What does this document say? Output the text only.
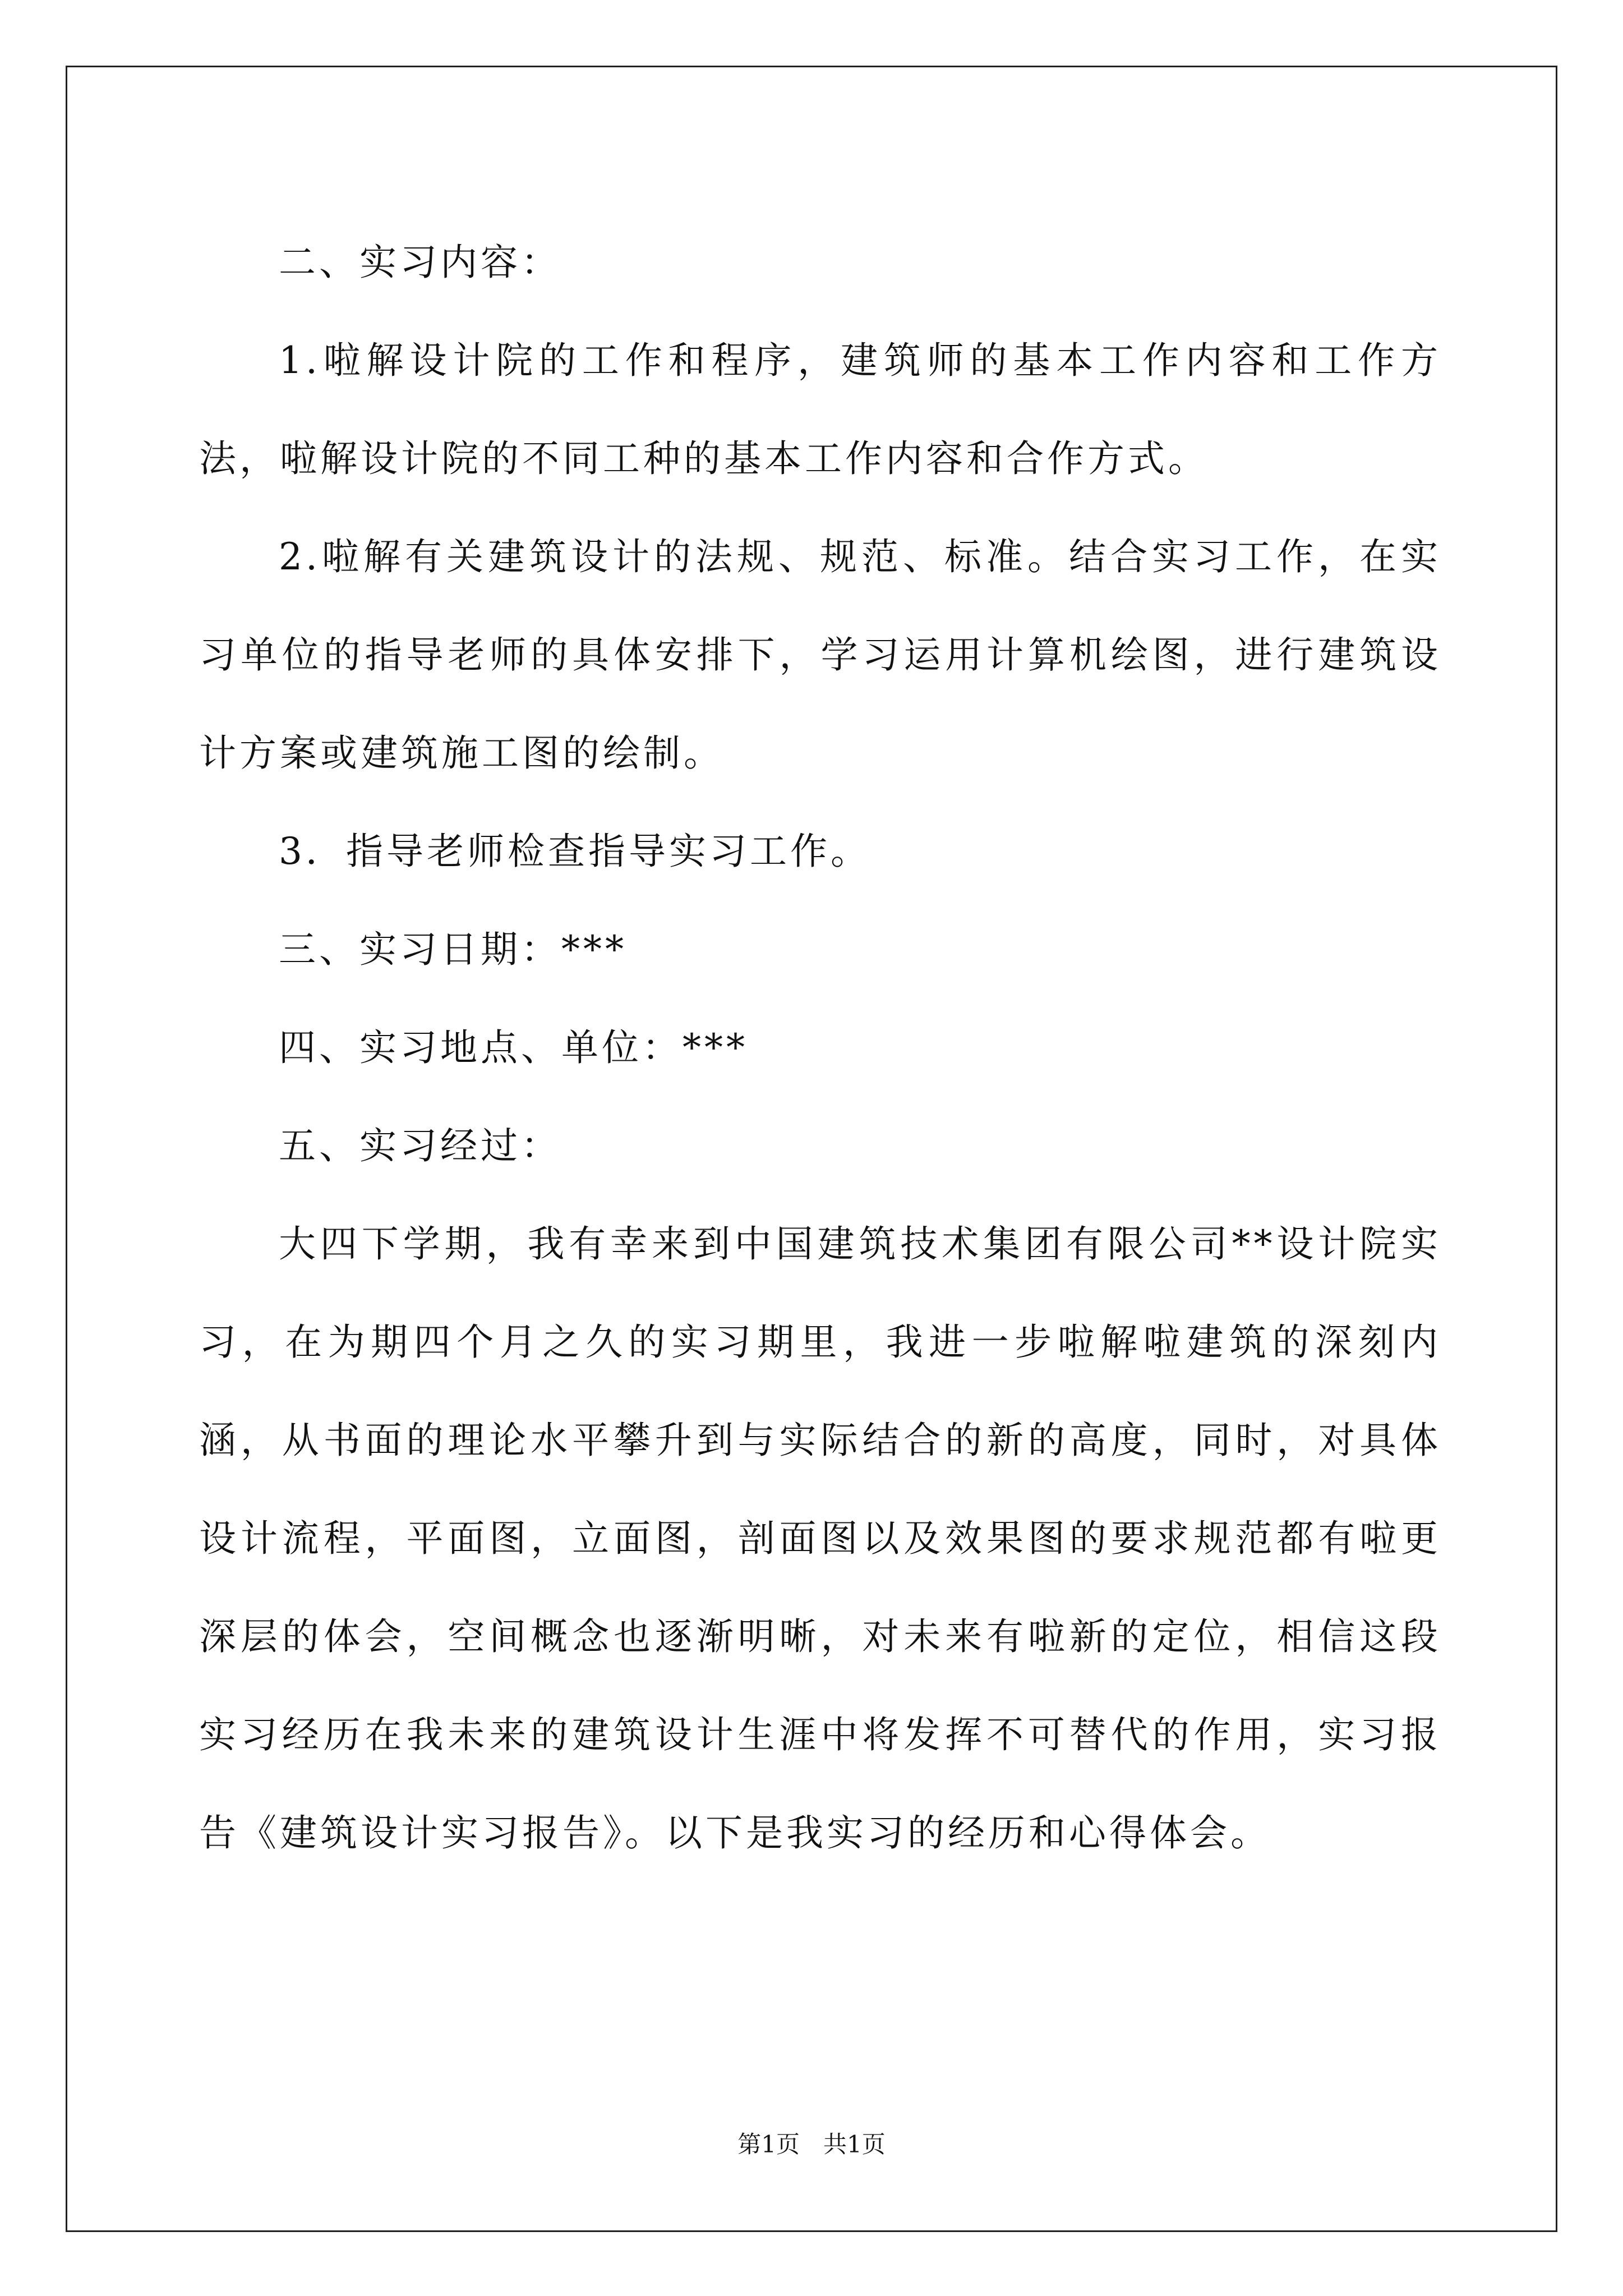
二、实习内容：

1.啦解设计院的工作和程序，建筑师的基本工作内容和工作方法，啦解设计院的不同工种的基本工作内容和合作方式。

2.啦解有关建筑设计的法规、规范、标准。结合实习工作，在实习单位的指导老师的具体安排下，学习运用计算机绘图，进行建筑设计方案或建筑施工图的绘制。

3．指导老师检查指导实习工作。

三、实习日期：***

四、实习地点、单位：***

五、实习经过：

大四下学期，我有幸来到中国建筑技术集团有限公司**设计院实习，在为期四个月之久的实习期里，我进一步啦解啦建筑的深刻内涵，从书面的理论水平攀升到与实际结合的新的高度，同时，对具体设计流程，平面图，立面图，剖面图以及效果图的要求规范都有啦更深层的体会，空间概念也逐渐明晰，对未来有啦新的定位，相信这段实习经历在我未来的建筑设计生涯中将发挥不可替代的作用，实习报告《建筑设计实习报告》。以下是我实习的经历和心得体会。

第1页　共1页
